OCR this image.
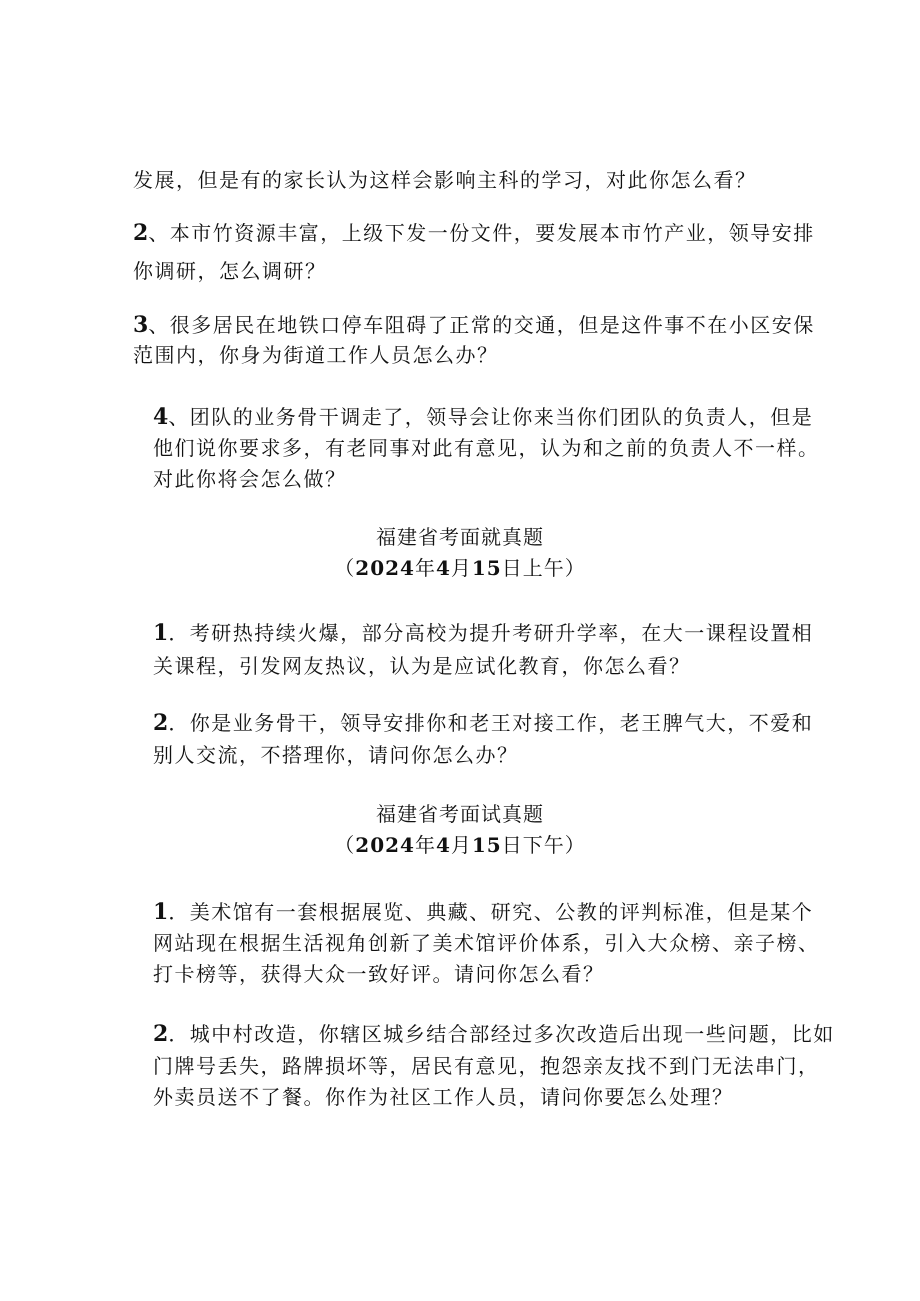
发展，但是有的家长认为这样会影响主科的学习，对此你怎么看？
2、本市竹资源丰富，上级下发一份文件，要发展本市竹产业，领导安排
你调研，怎么调研？
3、很多居民在地铁口停车阻碍了正常的交通，但是这件事不在小区安保
范围内，你身为街道工作人员怎么办？
4、团队的业务骨干调走了，领导会让你来当你们团队的负责人，但是
他们说你要求多，有老同事对此有意见，认为和之前的负责人不一样。
对此你将会怎么做？
福建省考面就真题
（2024年4月15日上午）
1．考研热持续火爆，部分高校为提升考研升学率，在大一课程设置相
关课程，引发网友热议，认为是应试化教育，你怎么看？
2．你是业务骨干，领导安排你和老王对接工作，老王脾气大，不爱和
别人交流，不搭理你，请问你怎么办？
福建省考面试真题
（2024年4月15日下午）
1．美术馆有一套根据展览、典藏、研究、公教的评判标准，但是某个
网站现在根据生活视角创新了美术馆评价体系，引入大众榜、亲子榜、
打卡榜等，获得大众一致好评。请问你怎么看？
2．城中村改造，你辖区城乡结合部经过多次改造后出现一些问题，比如
门牌号丢失，路牌损坏等，居民有意见，抱怨亲友找不到门无法串门，
外卖员送不了餐。你作为社区工作人员，请问你要怎么处理？
